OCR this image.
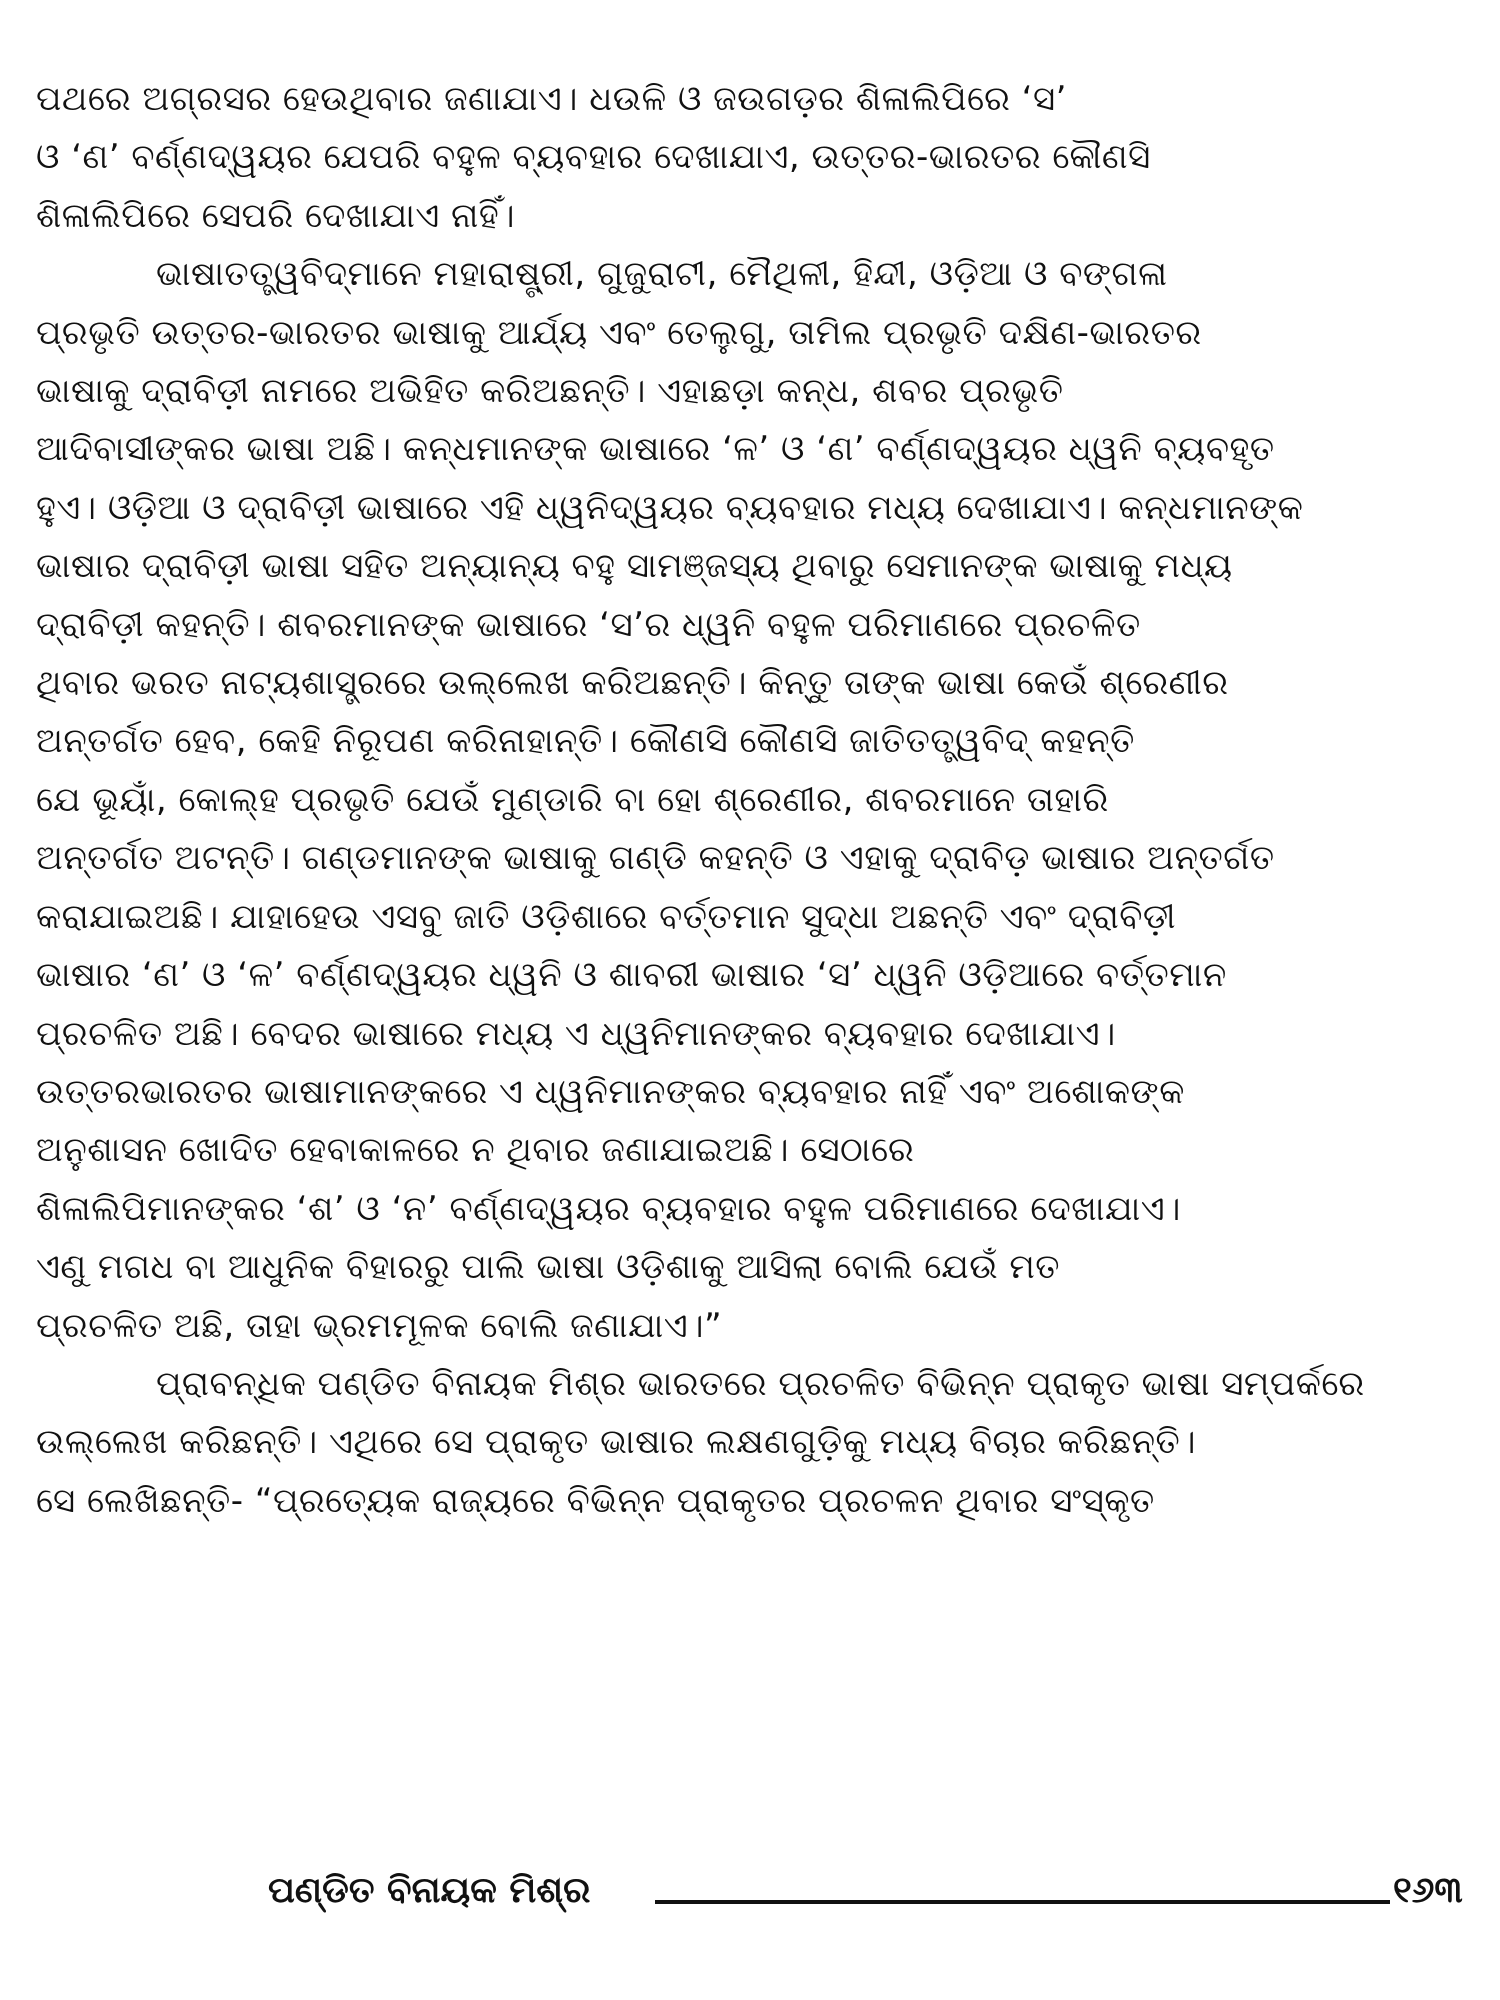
ପଥରେ ଅଗ୍ରସର ହେଉଥିବାର ଜଣାଯାଏ। ଧଉଳି ଓ ଜଉଗଡ଼ର ଶିଳାଲିପିରେ ‘ସ’
ଓ ‘ଣ’ ବର୍ଣ୍ଣଦ୍ୱୟର ଯେପରି ବହୁଳ ବ୍ୟବହାର ଦେଖାଯାଏ, ଉତ୍ତର-ଭାରତର କୌଣସି
ଶିଳାଲିପିରେ ସେପରି ଦେଖାଯାଏ ନାହିଁ।
ଭାଷାତତ୍ତ୍ୱବିଦ୍‌ମାନେ ମହାରାଷ୍ଟ୍ରୀ, ଗୁଜୁରାଟୀ, ମୈଥିଳୀ, ହିନ୍ଦୀ, ଓଡ଼ିଆ ଓ ବଙ୍ଗଳା
ପ୍ରଭୃତି ଉତ୍ତର-ଭାରତର ଭାଷାକୁ ଆର୍ଯ୍ୟ ଏବଂ ତେଲୁଗୁ, ତାମିଲ ପ୍ରଭୃତି ଦକ୍ଷିଣ-ଭାରତର
ଭାଷାକୁ ଦ୍ରାବିଡ଼ୀ ନାମରେ ଅଭିହିତ କରିଅଛନ୍ତି। ଏହାଛଡ଼ା କନ୍ଧ, ଶବର ପ୍ରଭୃତି
ଆଦିବାସୀଙ୍କର ଭାଷା ଅଛି। କନ୍ଧମାନଙ୍କ ଭାଷାରେ ‘ଳ’ ଓ ‘ଣ’ ବର୍ଣ୍ଣଦ୍ୱୟର ଧ୍ୱନି ବ୍ୟବହୃତ
ହୁଏ। ଓଡ଼ିଆ ଓ ଦ୍ରାବିଡ଼ୀ ଭାଷାରେ ଏହି ଧ୍ୱନିଦ୍ୱୟର ବ୍ୟବହାର ମଧ୍ୟ ଦେଖାଯାଏ। କନ୍ଧମାନଙ୍କ
ଭାଷାର ଦ୍ରାବିଡ଼ୀ ଭାଷା ସହିତ ଅନ୍ୟାନ୍ୟ ବହୁ ସାମଞ୍ଜସ୍ୟ ଥିବାରୁ ସେମାନଙ୍କ ଭାଷାକୁ ମଧ୍ୟ
ଦ୍ରାବିଡ଼ୀ କହନ୍ତି। ଶବରମାନଙ୍କ ଭାଷାରେ ‘ସ’ର ଧ୍ୱନି ବହୁଳ ପରିମାଣରେ ପ୍ରଚଳିତ
ଥିବାର ଭରତ ନାଟ୍ୟଶାସ୍ତ୍ରରେ ଉଲ୍ଲେଖ କରିଅଛନ୍ତି। କିନ୍ତୁ ତାଙ୍କ ଭାଷା କେଉଁ ଶ୍ରେଣୀର
ଅନ୍ତର୍ଗତ ହେବ, କେହି ନିରୂପଣ କରିନାହାନ୍ତି। କୌଣସି କୌଣସି ଜାତିତତ୍ତ୍ୱବିଦ୍ କହନ୍ତି
ଯେ ଭୂୟାଁ, କୋଲ୍‌ହ ପ୍ରଭୃତି ଯେଉଁ ମୁଣ୍ଡାରି ବା ହୋ ଶ୍ରେଣୀର, ଶବରମାନେ ତାହାରି
ଅନ୍ତର୍ଗତ ଅଟନ୍ତି। ଗଣ୍ଡମାନଙ୍କ ଭାଷାକୁ ଗଣ୍ଡି କହନ୍ତି ଓ ଏହାକୁ ଦ୍ରାବିଡ଼ ଭାଷାର ଅନ୍ତର୍ଗତ
କରାଯାଇଅଛି। ଯାହାହେଉ ଏସବୁ ଜାତି ଓଡ଼ିଶାରେ ବର୍ତ୍ତମାନ ସୁଦ୍ଧା ଅଛନ୍ତି ଏବଂ ଦ୍ରାବିଡ଼ୀ
ଭାଷାର ‘ଣ’ ଓ ‘ଳ’ ବର୍ଣ୍ଣଦ୍ୱୟର ଧ୍ୱନି ଓ ଶାବରୀ ଭାଷାର ‘ସ’ ଧ୍ୱନି ଓଡ଼ିଆରେ ବର୍ତ୍ତମାନ
ପ୍ରଚଳିତ ଅଛି। ବେଦର ଭାଷାରେ ମଧ୍ୟ ଏ ଧ୍ୱନିମାନଙ୍କର ବ୍ୟବହାର ଦେଖାଯାଏ।
ଉତ୍ତରଭାରତର ଭାଷାମାନଙ୍କରେ ଏ ଧ୍ୱନିମାନଙ୍କର ବ୍ୟବହାର ନାହିଁ ଏବଂ ଅଶୋକଙ୍କ
ଅନୁଶାସନ ଖୋଦିତ ହେବାକାଳରେ ନ ଥିବାର ଜଣାଯାଇଅଛି। ସେଠାରେ
ଶିଳାଲିପିମାନଙ୍କର ‘ଶ’ ଓ ‘ନ’ ବର୍ଣ୍ଣଦ୍ୱୟର ବ୍ୟବହାର ବହୁଳ ପରିମାଣରେ ଦେଖାଯାଏ।
ଏଣୁ ମଗଧ ବା ଆଧୁନିକ ବିହାରରୁ ପାଲି ଭାଷା ଓଡ଼ିଶାକୁ ଆସିଲା ବୋଲି ଯେଉଁ ମତ
ପ୍ରଚଳିତ ଅଛି, ତାହା ଭ୍ରମମୂଳକ ବୋଲି ଜଣାଯାଏ।”
ପ୍ରାବନ୍ଧିକ ପଣ୍ଡିତ ବିନାୟକ ମିଶ୍ର ଭାରତରେ ପ୍ରଚଳିତ ବିଭିନ୍ନ ପ୍ରାକୃତ ଭାଷା ସମ୍ପର୍କରେ
ଉଲ୍ଲେଖ କରିଛନ୍ତି। ଏଥିରେ ସେ ପ୍ରାକୃତ ଭାଷାର ଲକ୍ଷଣଗୁଡ଼ିକୁ ମଧ୍ୟ ବିଚାର କରିଛନ୍ତି।
ସେ ଲେଖିଛନ୍ତି- “ପ୍ରତ୍ୟେକ ରାଜ୍ୟରେ ବିଭିନ୍ନ ପ୍ରାକୃତର ପ୍ରଚଳନ ଥିବାର ସଂସ୍କୃତ
ପଣ୍ଡିତ ବିନାୟକ ମିଶ୍ର	୧୬୩
